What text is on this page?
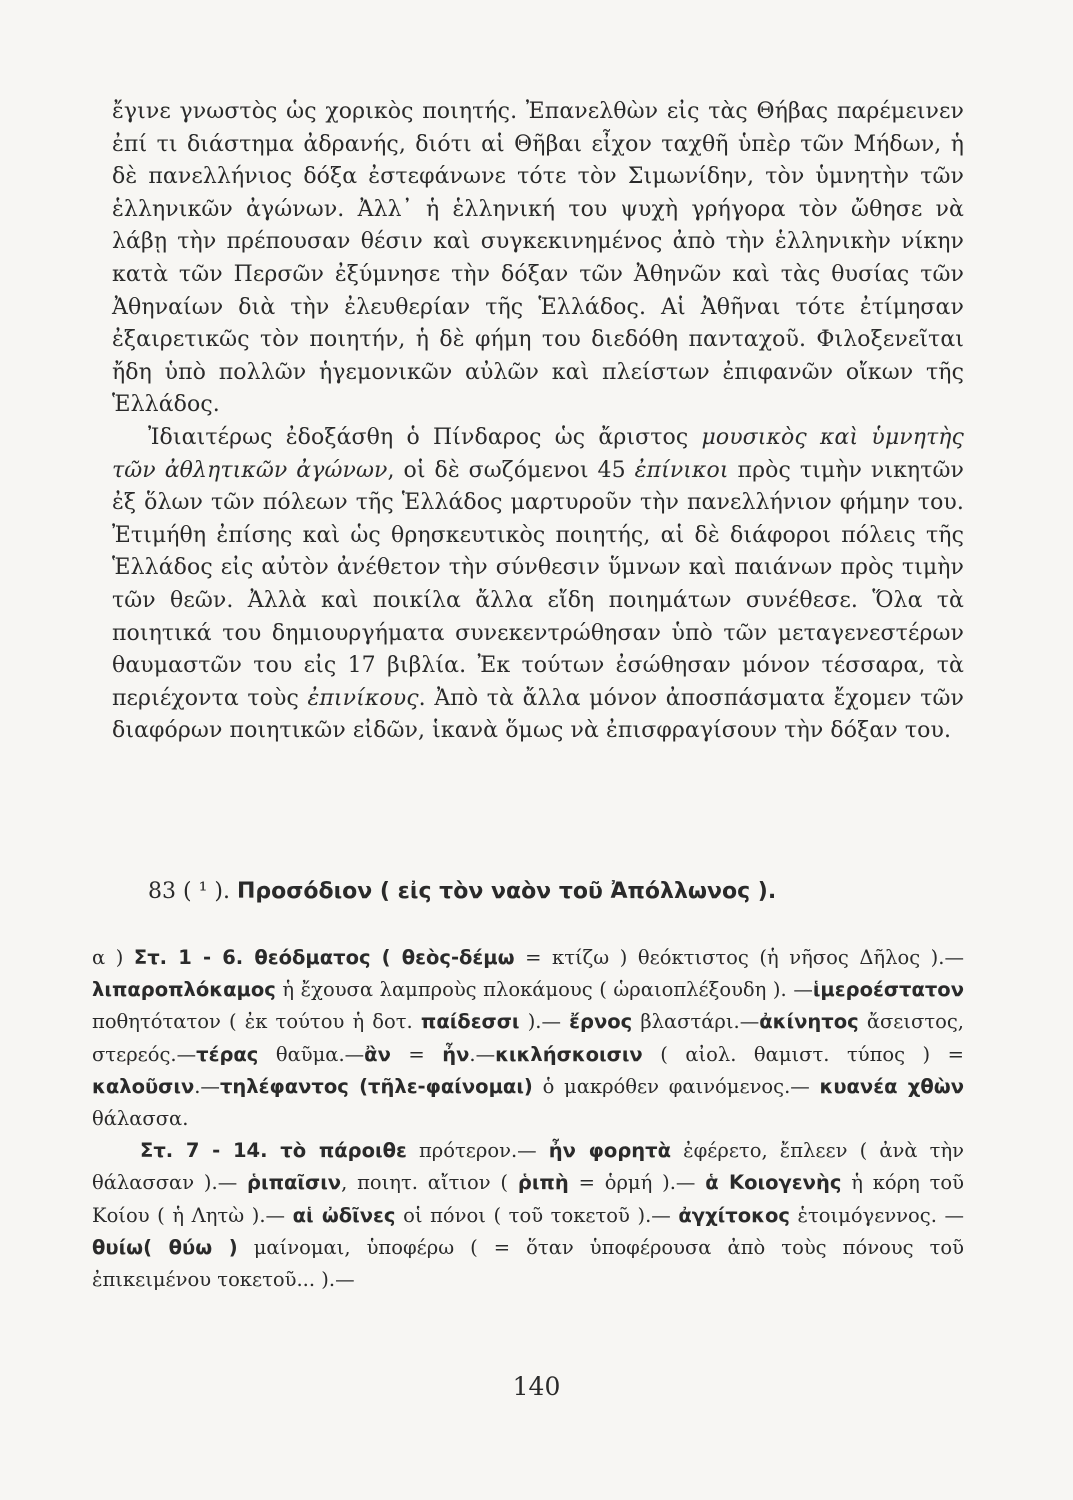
ἔγινε γνωστὸς ὡς χορικὸς ποιητής. Ἐπανελθὼν εἰς τὰς Θήβας παρέμεινεν ἐπί τι διάστημα ἀδρανής, διότι αἱ Θῆβαι εἶχον ταχθῆ ὑπὲρ τῶν Μήδων, ἡ δὲ πανελλήνιος δόξα ἐστεφάνωνε τότε τὸν Σιμωνίδην, τὸν ὑμνητὴν τῶν ἑλληνικῶν ἀγώνων. Ἀλλ᾽ ἡ ἑλληνική του ψυχὴ γρήγορα τὸν ὤθησε νὰ λάβῃ τὴν πρέπουσαν θέσιν καὶ συγκεκινημένος ἀπὸ τὴν ἑλληνικὴν νίκην κατὰ τῶν Περσῶν ἐξύμνησε τὴν δόξαν τῶν Ἀθηνῶν καὶ τὰς θυσίας τῶν Ἀθηναίων διὰ τὴν ἐλευθερίαν τῆς Ἑλλάδος. Αἱ Ἀθῆναι τότε ἐτίμησαν ἐξαιρετικῶς τὸν ποιητήν, ἡ δὲ φήμη του διεδόθη πανταχοῦ. Φιλοξενεῖται ἤδη ὑπὸ πολλῶν ἡγεμονικῶν αὐλῶν καὶ πλείστων ἐπιφανῶν οἴκων τῆς Ἑλλάδος.

Ἰδιαιτέρως ἐδοξάσθη ὁ Πίνδαρος ὡς ἄριστος μουσικὸς καὶ ὑμνητὴς τῶν ἀθλητικῶν ἀγώνων, οἱ δὲ σωζόμενοι 45 ἐπίνικοι πρὸς τιμὴν νικητῶν ἐξ ὅλων τῶν πόλεων τῆς Ἑλλάδος μαρτυροῦν τὴν πανελλήνιον φήμην του. Ἐτιμήθη ἐπίσης καὶ ὡς θρησκευτικὸς ποιητής, αἱ δὲ διάφοροι πόλεις τῆς Ἑλλάδος εἰς αὐτὸν ἀνέθετον τὴν σύνθεσιν ὕμνων καὶ παιάνων πρὸς τιμὴν τῶν θεῶν. Ἀλλὰ καὶ ποικίλα ἄλλα εἴδη ποιημάτων συνέθεσε. Ὅλα τὰ ποιητικά του δημιουργήματα συνεκεντρώθησαν ὑπὸ τῶν μεταγενεστέρων θαυμαστῶν του εἰς 17 βιβλία. Ἐκ τούτων ἐσώθησαν μόνον τέσσαρα, τὰ περιέχοντα τοὺς ἐπινίκους. Ἀπὸ τὰ ἄλλα μόνον ἀποσπάσματα ἔχομεν τῶν διαφόρων ποιητικῶν εἰδῶν, ἱκανὰ ὅμως νὰ ἐπισφραγίσουν τὴν δόξαν του.

83 ( ¹ ). Προσόδιον ( εἰς τὸν ναὸν τοῦ Ἀπόλλωνος ).

α ) Στ. 1 - 6. θεόδματος ( θεὸς-δέμω = κτίζω ) θεόκτιστος (ἡ νῆσος Δῆλος ).— λιπαροπλόκαμος ἡ ἔχουσα λαμπροὺς πλοκάμους ( ὡραιοπλέξουδη ). —ἱμεροέστατον ποθητότατον ( ἐκ τούτου ἡ δοτ. παίδεσσι ).— ἔρνος βλαστάρι.—ἀκίνητος ἄσειστος, στερεός.—τέρας θαῦμα.—ἂν = ἦν.—κικλήσκοισιν ( αἰολ. θαμιστ. τύπος ) = καλοῦσιν.—τηλέφαντος (τῆλε-φαίνομαι) ὁ μακρόθεν φαινόμενος.— κυανέα χθὼν θάλασσα.

Στ. 7 - 14. τὸ πάροιθε πρότερον.— ἦν φορητὰ ἐφέρετο, ἔπλεεν ( ἀνὰ τὴν θάλασσαν ).— ῥιπαῖσιν, ποιητ. αἴτιον ( ῥιπὴ = ὁρμή ).— ἁ Κοιογενὴς ἡ κόρη τοῦ Κοίου ( ἡ Λητὼ ).— αἱ ὠδῖνες οἱ πόνοι ( τοῦ τοκετοῦ ).— ἀγχίτοκος ἑτοιμόγεννος. — θυίω( θύω ) μαίνομαι, ὑποφέρω ( = ὅταν ὑποφέρουσα ἀπὸ τοὺς πόνους τοῦ ἐπικειμένου τοκετοῦ... ).—

140
